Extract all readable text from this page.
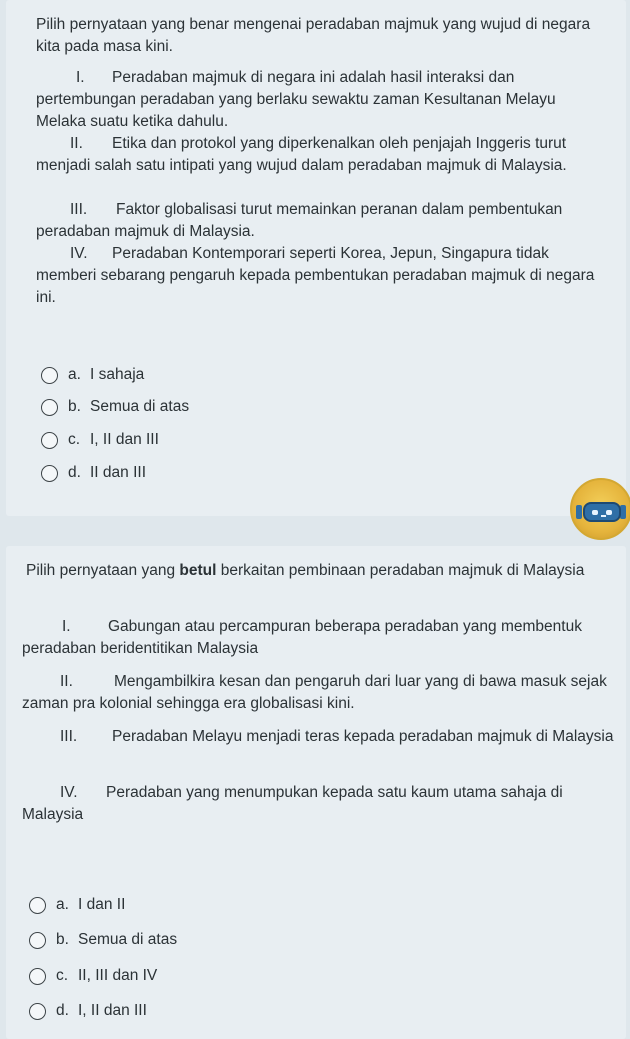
Pilih pernyataan yang benar mengenai peradaban majmuk yang wujud di negara kita pada masa kini.
I. Peradaban majmuk di negara ini adalah hasil interaksi dan pertembungan peradaban yang berlaku sewaktu zaman Kesultanan Melayu Melaka suatu ketika dahulu.
II. Etika dan protokol yang diperkenalkan oleh penjajah Inggeris turut menjadi salah satu intipati yang wujud dalam peradaban majmuk di Malaysia.
III. Faktor globalisasi turut memainkan peranan dalam pembentukan peradaban majmuk di Malaysia.
IV. Peradaban Kontemporari seperti Korea, Jepun, Singapura tidak memberi sebarang pengaruh kepada pembentukan peradaban majmuk di negara ini.
a. I sahaja
b. Semua di atas
c. I, II dan III
d. II dan III
Pilih pernyataan yang betul berkaitan pembinaan peradaban majmuk di Malaysia
I. Gabungan atau percampuran beberapa peradaban yang membentuk peradaban beridentitikan Malaysia
II.	Mengambilkira kesan dan pengaruh dari luar yang di bawa masuk sejak zaman pra kolonial sehingga era globalisasi kini.
III. Peradaban Melayu menjadi teras kepada peradaban majmuk di Malaysia
IV. Peradaban yang menumpukan kepada satu kaum utama sahaja di Malaysia
a. I dan II
b. Semua di atas
c. II, III dan IV
d. I, II dan III
